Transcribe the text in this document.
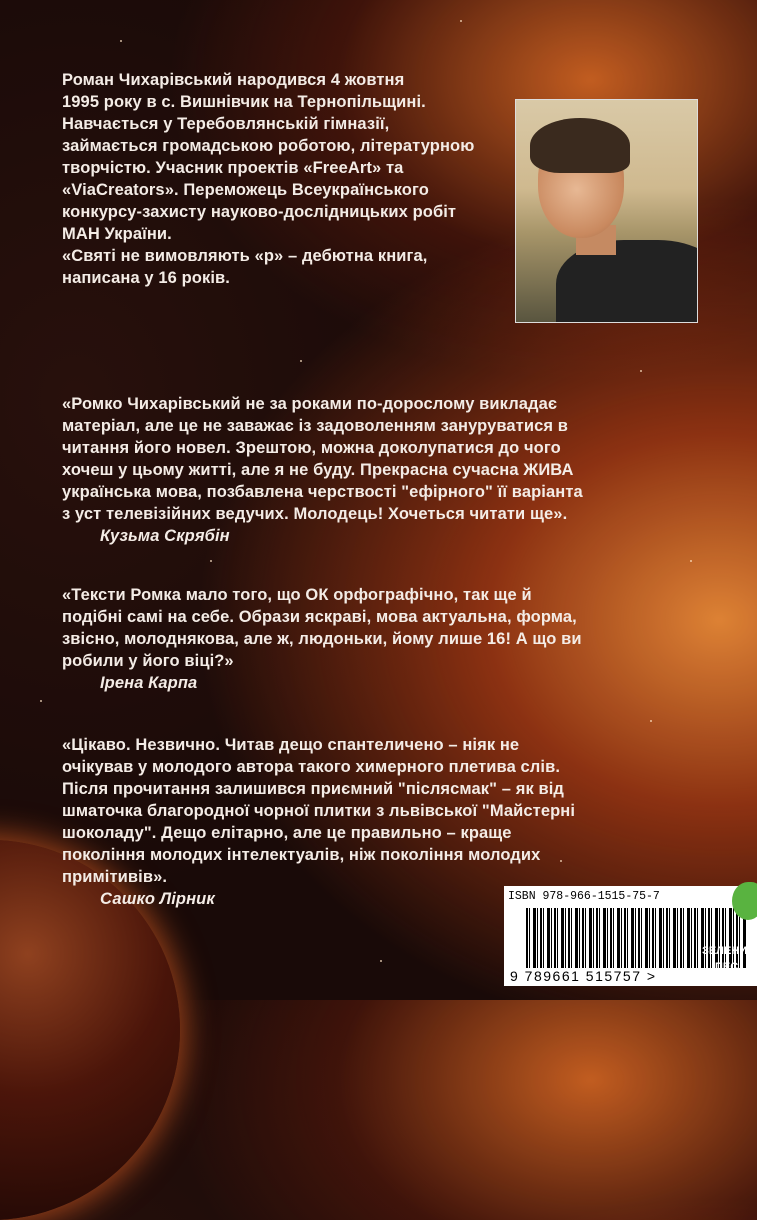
Роман Чихарівський народився 4 жовтня
1995 року в с. Вишнівчик на Тернопільщині.
Навчається у Теребовлянській гімназії,
займається громадською роботою, літературною
творчістю. Учасник проектів «FreeArt» та
«ViaCreators». Переможець Всеукраїнського
конкурсу-захисту науково-дослідницьких робіт
МАН України.
«Святі не вимовляють «р» – дебютна книга,
написана у 16 років.
«Ромко Чихарівський не за роками по-дорослому викладає
матеріал, але це не заважає із задоволенням зануруватися в
читання його новел. Зрештою, можна доколупатися до чого
хочеш у цьому житті, але я не буду. Прекрасна сучасна ЖИВА
українська мова, позбавлена черствості "ефірного" її варіанта
з уст телевізійних ведучих. Молодець! Хочеться читати ще».
Кузьма Скрябін
«Тексти Ромка мало того, що ОК орфографічно, так ще й
подібні самі на себе. Образи яскраві, мова актуальна, форма,
звісно, молоднякова, але ж, людоньки, йому лише 16! А що ви
робили у його віці?»
Ірена Карпа
«Цікаво. Незвично. Читав дещо спантеличено – ніяк не
очікував у молодого автора такого химерного плетива слів.
Після прочитання залишився приємний "післясмак" – як від
шматочка благородної чорної плитки з львівської "Майстерні
шоколаду". Дещо елітарно, але це правильно – краще
покоління молодих інтелектуалів, ніж покоління молодих
примітивів».
Сашко Лірник	ISBN 978-966-1515-75-7
9 789661 515757 >
ЗЕЛЕНИЙ
ПЕС
